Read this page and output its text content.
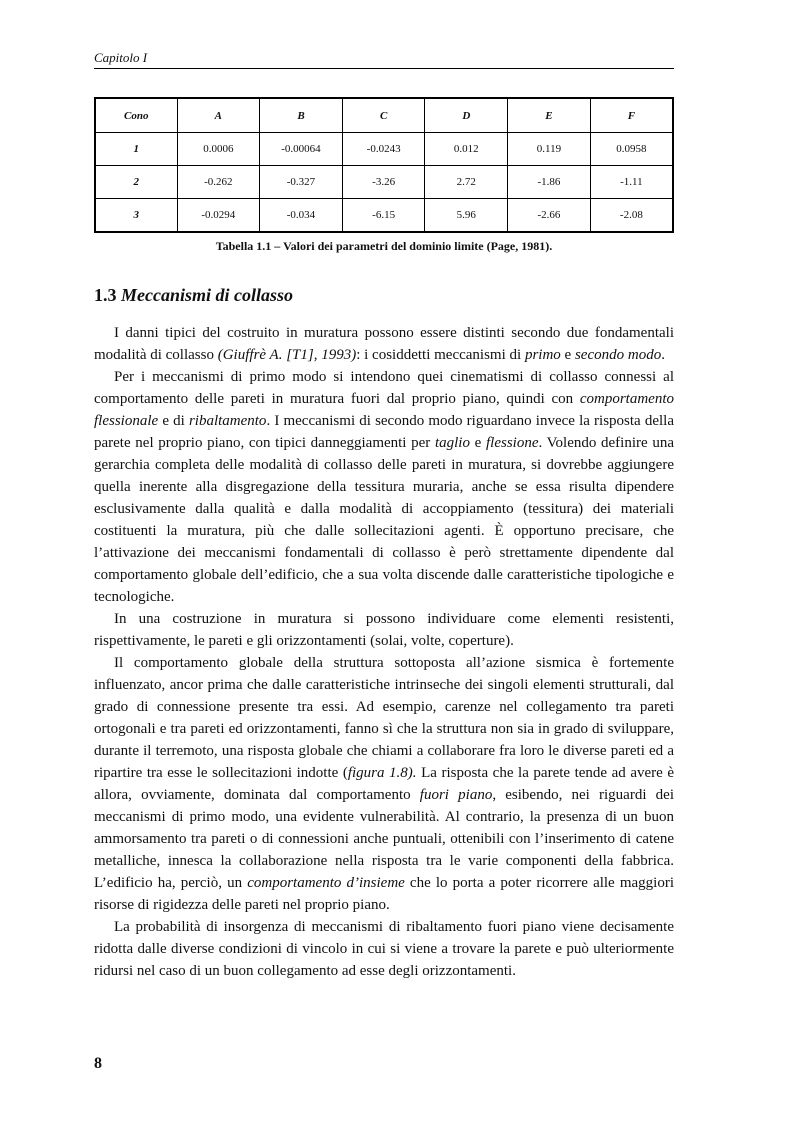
Capitolo I
Cono	A	B	C	D	E	F
1	0.0006	-0.00064	-0.0243	0.012	0.119	0.0958
2	-0.262	-0.327	-3.26	2.72	-1.86	-1.11
3	-0.0294	-0.034	-6.15	5.96	-2.66	-2.08
Tabella 1.1 – Valori dei parametri del dominio limite (Page, 1981).
1.3 Meccanismi di collasso

I danni tipici del costruito in muratura possono essere distinti secondo due fondamentali modalità di collasso (Giuffrè A. [T1], 1993): i cosiddetti meccanismi di primo e secondo modo.

Per i meccanismi di primo modo si intendono quei cinematismi di collasso connessi al comportamento delle pareti in muratura fuori dal proprio piano, quindi con comportamento flessionale e di ribaltamento. I meccanismi di secondo modo riguardano invece la risposta della parete nel proprio piano, con tipici danneggiamenti per taglio e flessione. Volendo definire una gerarchia completa delle modalità di collasso delle pareti in muratura, si dovrebbe aggiungere quella inerente alla disgregazione della tessitura muraria, anche se essa risulta dipendere esclusivamente dalla qualità e dalla modalità di accoppiamento (tessitura) dei materiali costituenti la muratura, più che dalle sollecitazioni agenti. È opportuno precisare, che l’attivazione dei meccanismi fondamentali di collasso è però strettamente dipendente dal comportamento globale dell’edificio, che a sua volta discende dalle caratteristiche tipologiche e tecnologiche.

In una costruzione in muratura si possono individuare come elementi resistenti, rispettivamente, le pareti e gli orizzontamenti (solai, volte, coperture).

Il comportamento globale della struttura sottoposta all’azione sismica è fortemente influenzato, ancor prima che dalle caratteristiche intrinseche dei singoli elementi strutturali, dal grado di connessione presente tra essi. Ad esempio, carenze nel collegamento tra pareti ortogonali e tra pareti ed orizzontamenti, fanno sì che la struttura non sia in grado di sviluppare, durante il terremoto, una risposta globale che chiami a collaborare fra loro le diverse pareti ed a ripartire tra esse le sollecitazioni indotte (figura 1.8). La risposta che la parete tende ad avere è allora, ovviamente, dominata dal comportamento fuori piano, esibendo, nei riguardi dei meccanismi di primo modo, una evidente vulnerabilità. Al contrario, la presenza di un buon ammorsamento tra pareti o di connessioni anche puntuali, ottenibili con l’inserimento di catene metalliche, innesca la collaborazione nella risposta tra le varie componenti della fabbrica. L’edificio ha, perciò, un comportamento d’insieme che lo porta a poter ricorrere alle maggiori risorse di rigidezza delle pareti nel proprio piano.

La probabilità di insorgenza di meccanismi di ribaltamento fuori piano viene decisamente ridotta dalle diverse condizioni di vincolo in cui si viene a trovare la parete e può ulteriormente ridursi nel caso di un buon collegamento ad esse degli orizzontamenti.

8
